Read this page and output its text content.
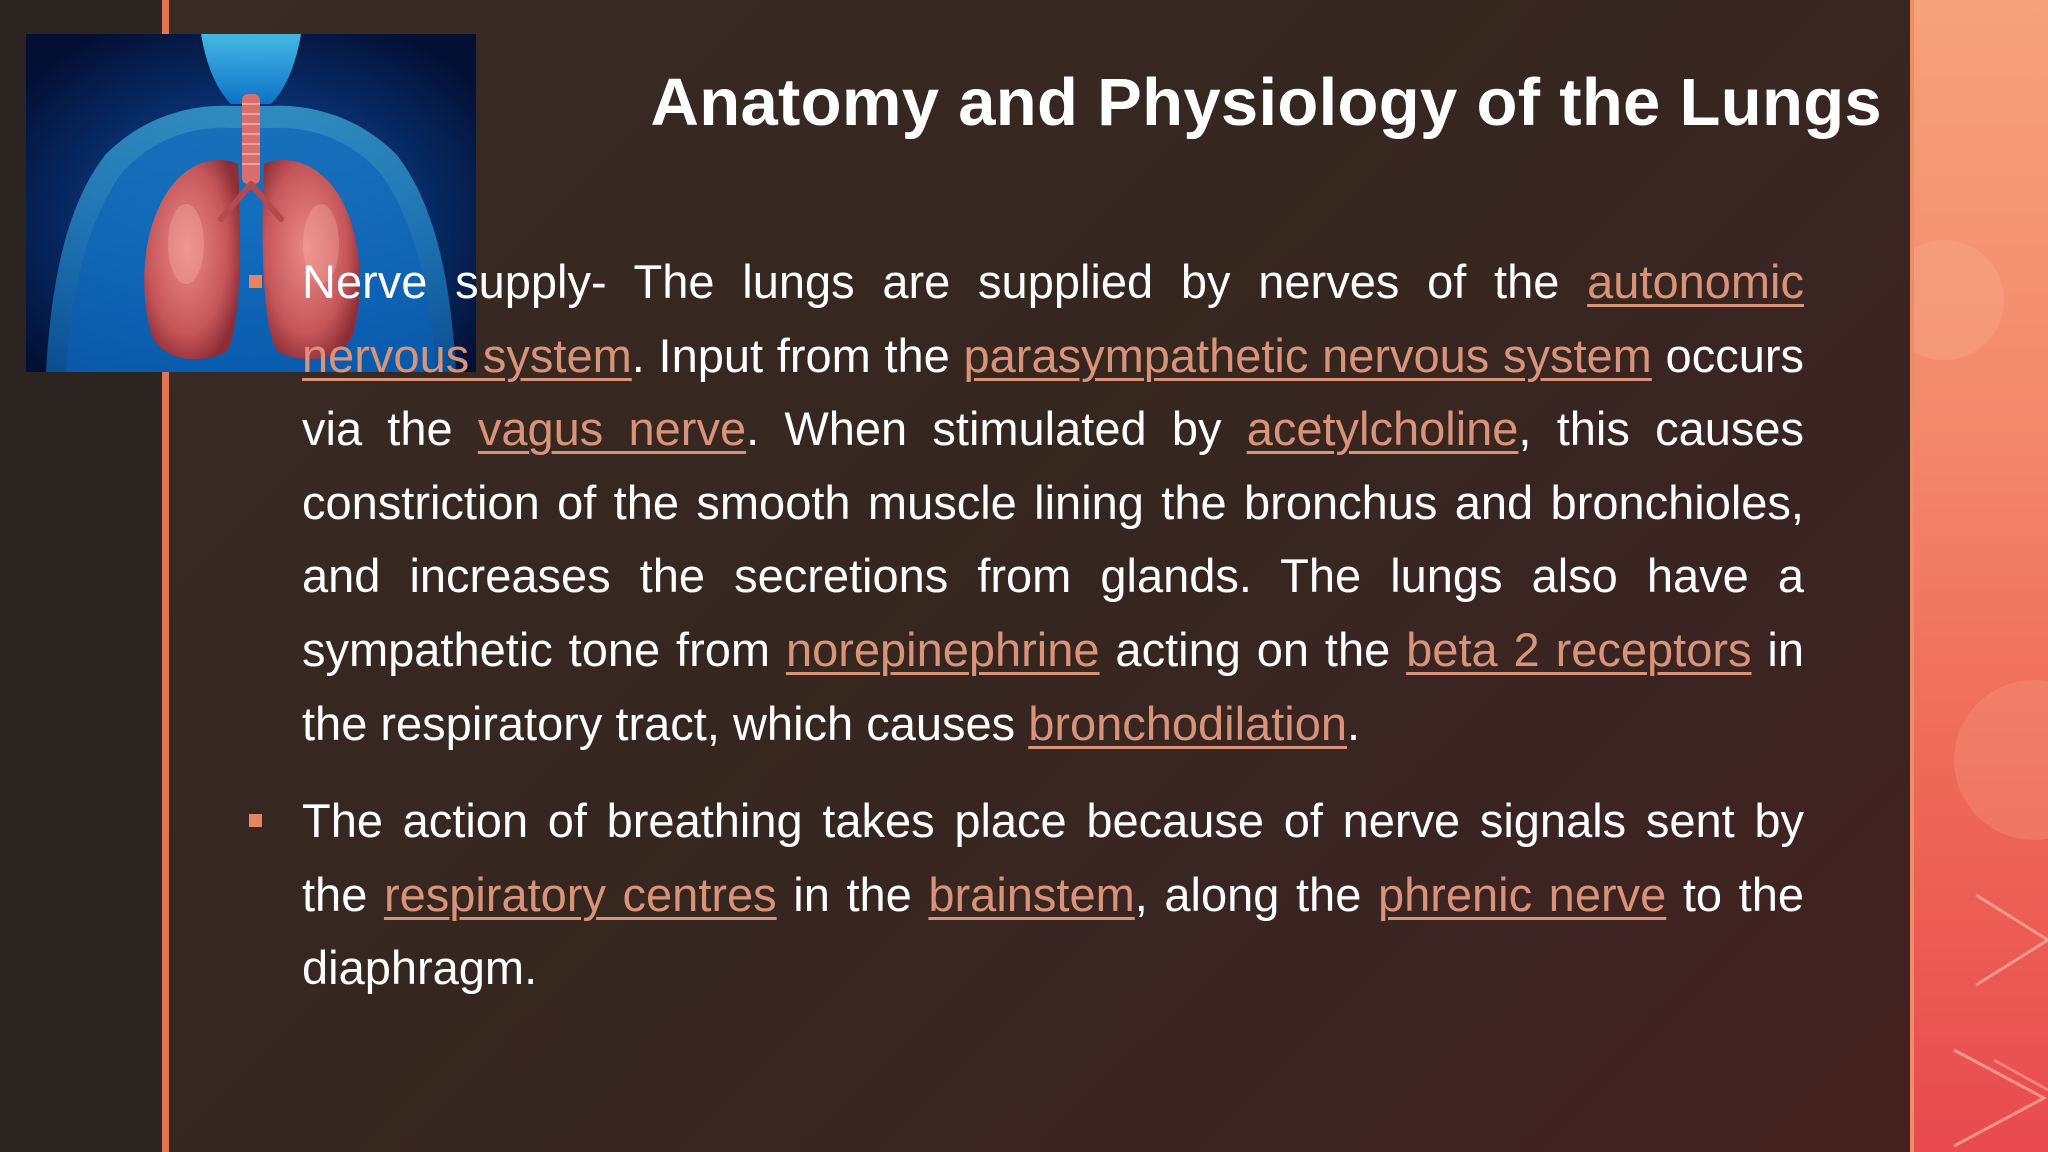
Anatomy and Physiology of the Lungs

Nerve supply- The lungs are supplied by nerves of the autonomic nervous system. Input from the parasympathetic nervous system occurs via the vagus nerve. When stimulated by acetylcholine, this causes constriction of the smooth muscle lining the bronchus and bronchioles, and increases the secretions from glands. The lungs also have a sympathetic tone from norepinephrine acting on the beta 2 receptors in the respiratory tract, which causes bronchodilation.

The action of breathing takes place because of nerve signals sent by the respiratory centres in the brainstem, along the phrenic nerve to the diaphragm.
